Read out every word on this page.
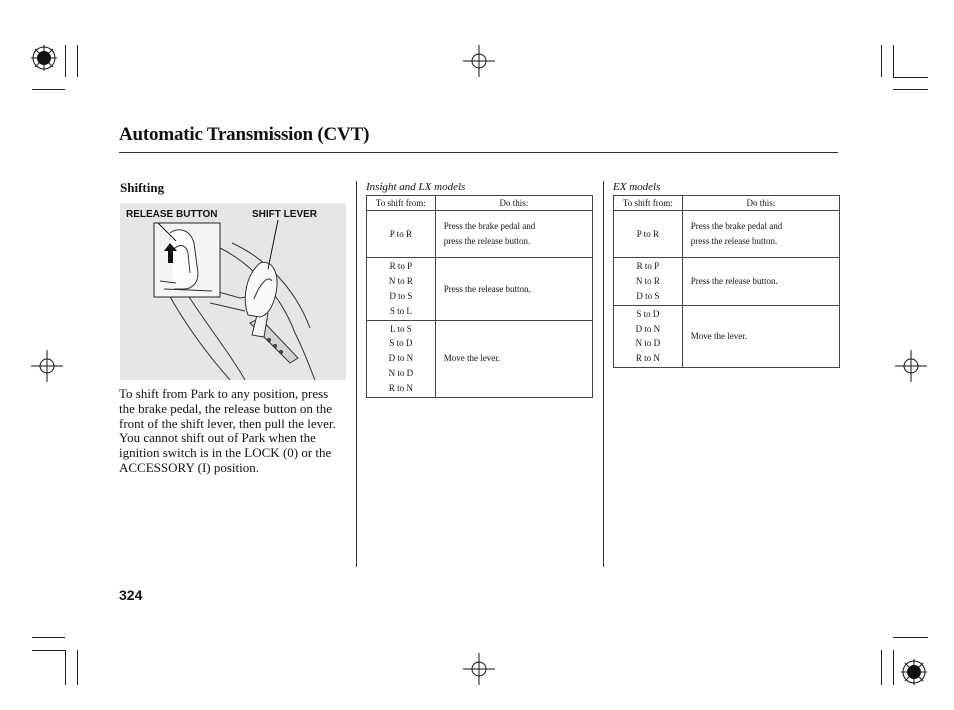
Automatic Transmission (CVT)
Shifting
RELEASE BUTTON	SHIFT LEVER
To shift from Park to any position, press the brake pedal, the release button on the front of the shift lever, then pull the lever. You cannot shift out of Park when the ignition switch is in the LOCK (0) or the ACCESSORY (I) position.
Insight and LX models
To shift from:	Do this:

P to R	Press the brake pedal and
press the release button.

R to P
N to R
D to S
S to L	Press the release button.

L to S
S to D
D to N
N to D
R to N	Move the lever.
EX models
To shift from:	Do this:

P to R	Press the brake pedal and
press the release button.

R to P
N to R
D to S	Press the release button.

S to D
D to N
N to D
R to N	Move the lever.
324
